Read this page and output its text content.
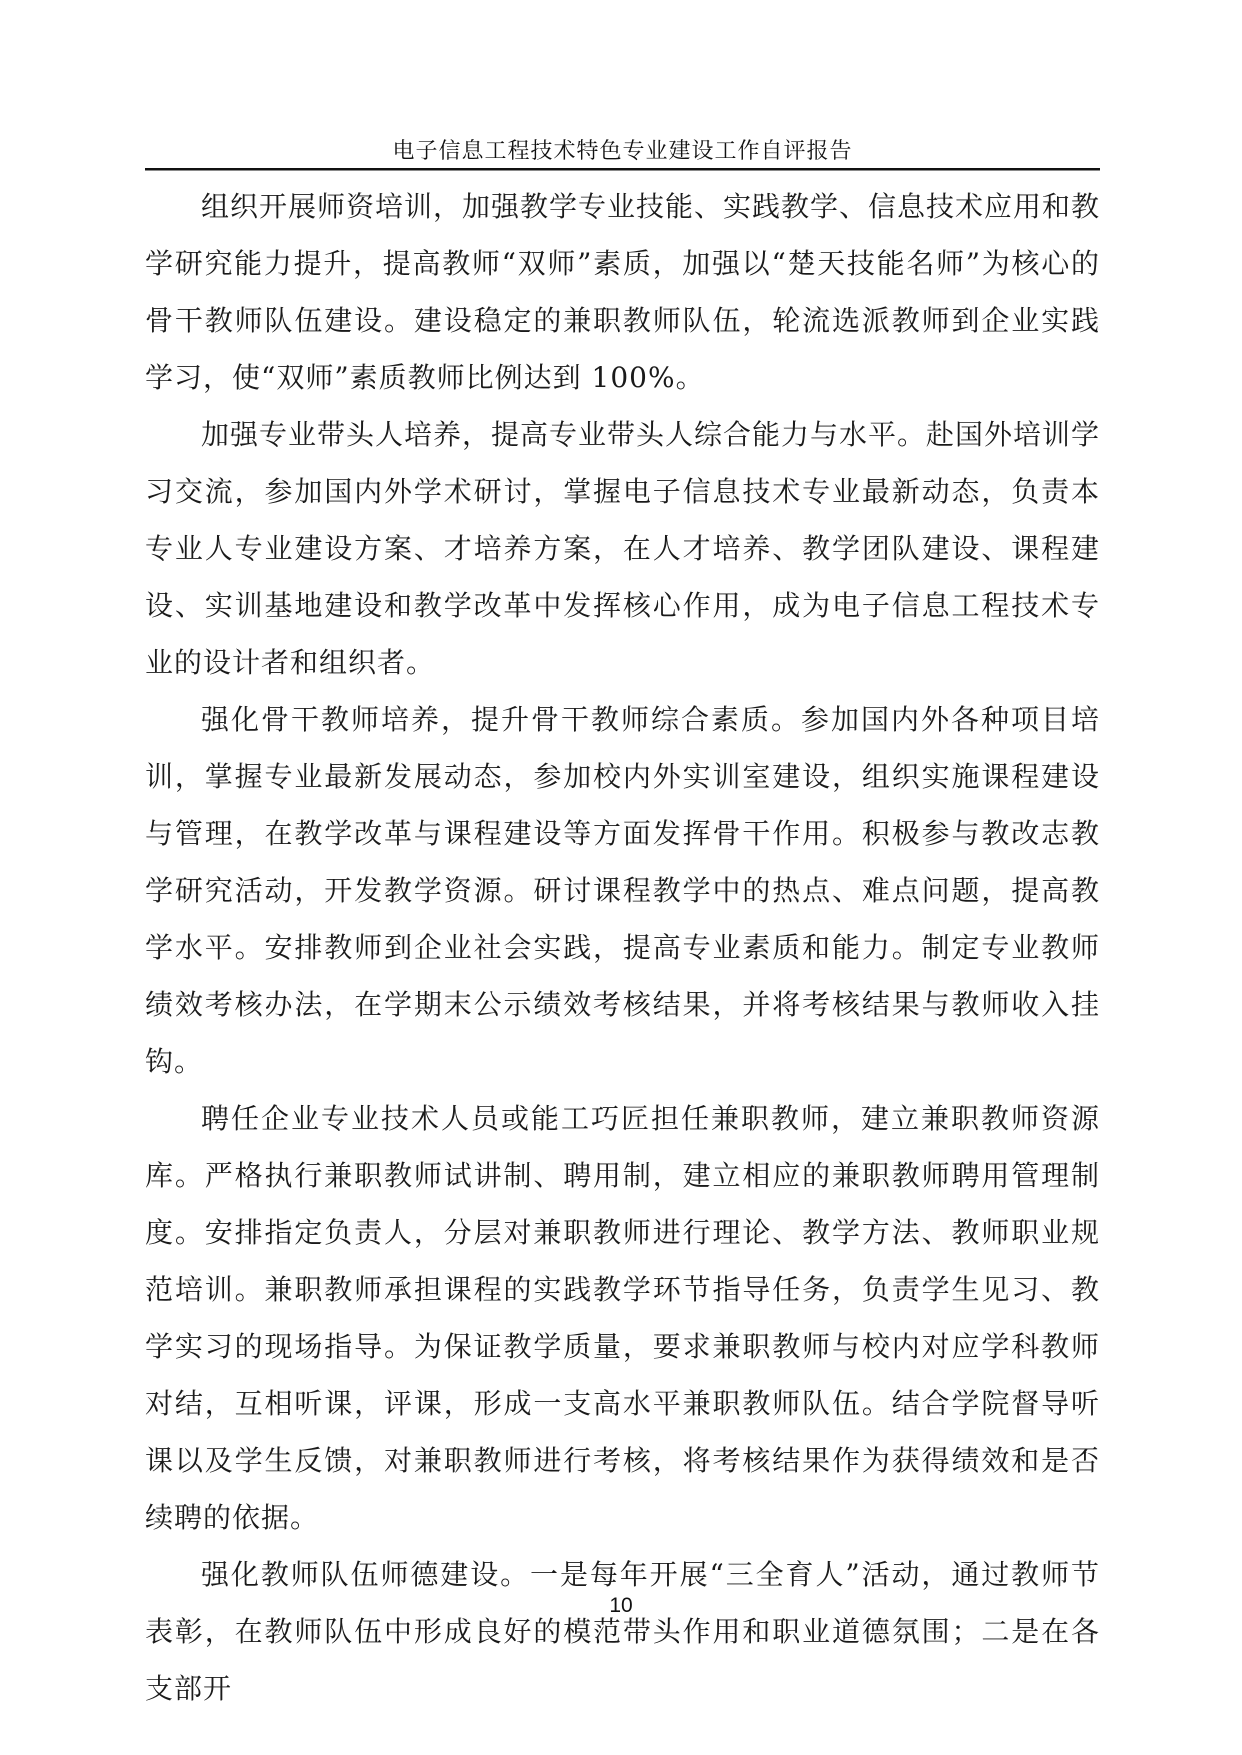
电子信息工程技术特色专业建设工作自评报告

组织开展师资培训，加强教学专业技能、实践教学、信息技术应用和教学研究能力提升，提高教师“双师”素质，加强以“楚天技能名师”为核心的骨干教师队伍建设。建设稳定的兼职教师队伍，轮流选派教师到企业实践学习，使“双师”素质教师比例达到 100%。

加强专业带头人培养，提高专业带头人综合能力与水平。赴国外培训学习交流，参加国内外学术研讨，掌握电子信息技术专业最新动态，负责本专业人专业建设方案、才培养方案，在人才培养、教学团队建设、课程建设、实训基地建设和教学改革中发挥核心作用，成为电子信息工程技术专业的设计者和组织者。

强化骨干教师培养，提升骨干教师综合素质。参加国内外各种项目培训，掌握专业最新发展动态，参加校内外实训室建设，组织实施课程建设与管理，在教学改革与课程建设等方面发挥骨干作用。积极参与教改志教学研究活动，开发教学资源。研讨课程教学中的热点、难点问题，提高教学水平。安排教师到企业社会实践，提高专业素质和能力。制定专业教师绩效考核办法，在学期末公示绩效考核结果，并将考核结果与教师收入挂钩。

聘任企业专业技术人员或能工巧匠担任兼职教师，建立兼职教师资源库。严格执行兼职教师试讲制、聘用制，建立相应的兼职教师聘用管理制度。安排指定负责人，分层对兼职教师进行理论、教学方法、教师职业规范培训。兼职教师承担课程的实践教学环节指导任务，负责学生见习、教学实习的现场指导。为保证教学质量，要求兼职教师与校内对应学科教师对结，互相听课，评课，形成一支高水平兼职教师队伍。结合学院督导听课以及学生反馈，对兼职教师进行考核，将考核结果作为获得绩效和是否续聘的依据。

强化教师队伍师德建设。一是每年开展“三全育人”活动，通过教师节表彰，在教师队伍中形成良好的模范带头作用和职业道德氛围；二是在各支部开

10
